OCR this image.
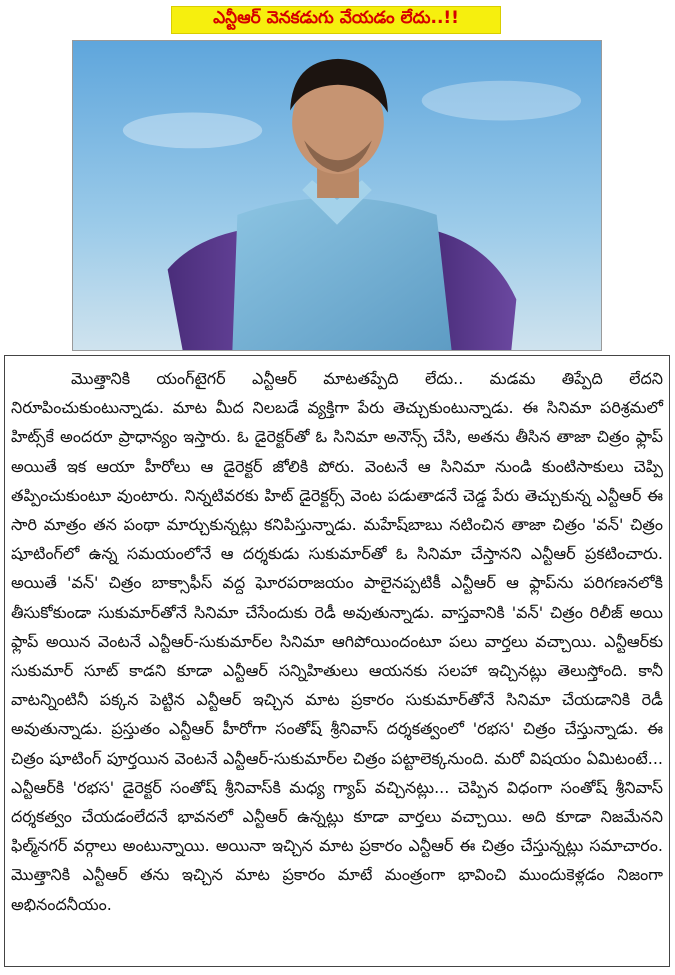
ఎన్టీఆర్ వెనకడుగు వేయడం లేదు..!!

మొత్తానికి యంగ్‌టైగర్ ఎన్టీఆర్ మాటతప్పేది లేదు.. మడమ తిప్పేది లేదని నిరూపించుకుంటున్నాడు. మాట మీద నిలబడే వ్యక్తిగా పేరు తెచ్చుకుంటున్నాడు. ఈ సినిమా పరిశ్రమలో హిట్స్‌కే అందరూ ప్రాధాన్యం ఇస్తారు. ఓ డైరెక్టర్‌తో ఓ సినిమా అనౌన్స్ చేసి, అతను తీసిన తాజా చిత్రం ఫ్లాప్ అయితే ఇక ఆయా హీరోలు ఆ డైరెక్టర్ జోలికి పోరు. వెంటనే ఆ సినిమా నుండి కుంటిసాకులు చెప్పి తప్పించుకుంటూ వుంటారు. నిన్నటివరకు హిట్ డైరెక్టర్స్ వెంట పడుతాడనే చెడ్డ పేరు తెచ్చుకున్న ఎన్టీఆర్ ఈ సారి మాత్రం తన పంథా మార్చుకున్నట్లు కనిపిస్తున్నాడు. మహేష్‌బాబు నటించిన తాజా చిత్రం 'వన్' చిత్రం షూటింగ్‌లో ఉన్న సమయంలోనే ఆ దర్శకుడు సుకుమార్‌తో ఓ సినిమా చేస్తానని ఎన్టీఆర్ ప్రకటించారు. అయితే 'వన్' చిత్రం బాక్సాఫీస్ వద్ద ఘోరపరాజయం పాలైనప్పటికీ ఎన్టీఆర్ ఆ ఫ్లాప్‌ను పరిగణనలోకి తీసుకోకుండా సుకుమార్‌తోనే సినిమా చేసేందుకు రెడీ అవుతున్నాడు. వాస్తవానికి 'వన్' చిత్రం రిలీజ్ అయి ఫ్లాప్ అయిన వెంటనే ఎన్టీఆర్-సుకుమార్‌ల సినిమా ఆగిపోయిందంటూ పలు వార్తలు వచ్చాయి. ఎన్టీఆర్‌కు సుకుమార్ సూట్ కాడని కూడా ఎన్టీఆర్ సన్నిహితులు ఆయనకు సలహా ఇచ్చినట్లు తెలుస్తోంది. కానీ వాటన్నింటినీ పక్కన పెట్టిన ఎన్టీఆర్ ఇచ్చిన మాట ప్రకారం సుకుమార్‌తోనే సినిమా చేయడానికి రెడీ అవుతున్నాడు. ప్రస్తుతం ఎన్టీఆర్ హీరోగా సంతోష్ శ్రీనివాస్ దర్శకత్వంలో 'రభస' చిత్రం చేస్తున్నాడు. ఈ చిత్రం షూటింగ్ పూర్తయిన వెంటనే ఎన్టీఆర్-సుకుమార్‌ల చిత్రం పట్టాలెక్కనుంది. మరో విషయం ఏమిటంటే... ఎన్టీఆర్‌కి 'రభస' డైరెక్టర్ సంతోష్ శ్రీనివాస్‌కి మధ్య గ్యాప్ వచ్చినట్లు... చెప్పిన విధంగా సంతోష్ శ్రీనివాస్ దర్శకత్వం చేయడంలేదనే భావనలో ఎన్టీఆర్ ఉన్నట్లు కూడా వార్తలు వచ్చాయి. అది కూడా నిజమేనని ఫిల్మ్‌నగర్ వర్గాలు అంటున్నాయి. అయినా ఇచ్చిన మాట ప్రకారం ఎన్టీఆర్ ఈ చిత్రం చేస్తున్నట్లు సమాచారం. మొత్తానికి ఎన్టీఆర్ తను ఇచ్చిన మాట ప్రకారం మాటే మంత్రంగా భావించి ముందుకెళ్లడం నిజంగా అభినందనీయం.
